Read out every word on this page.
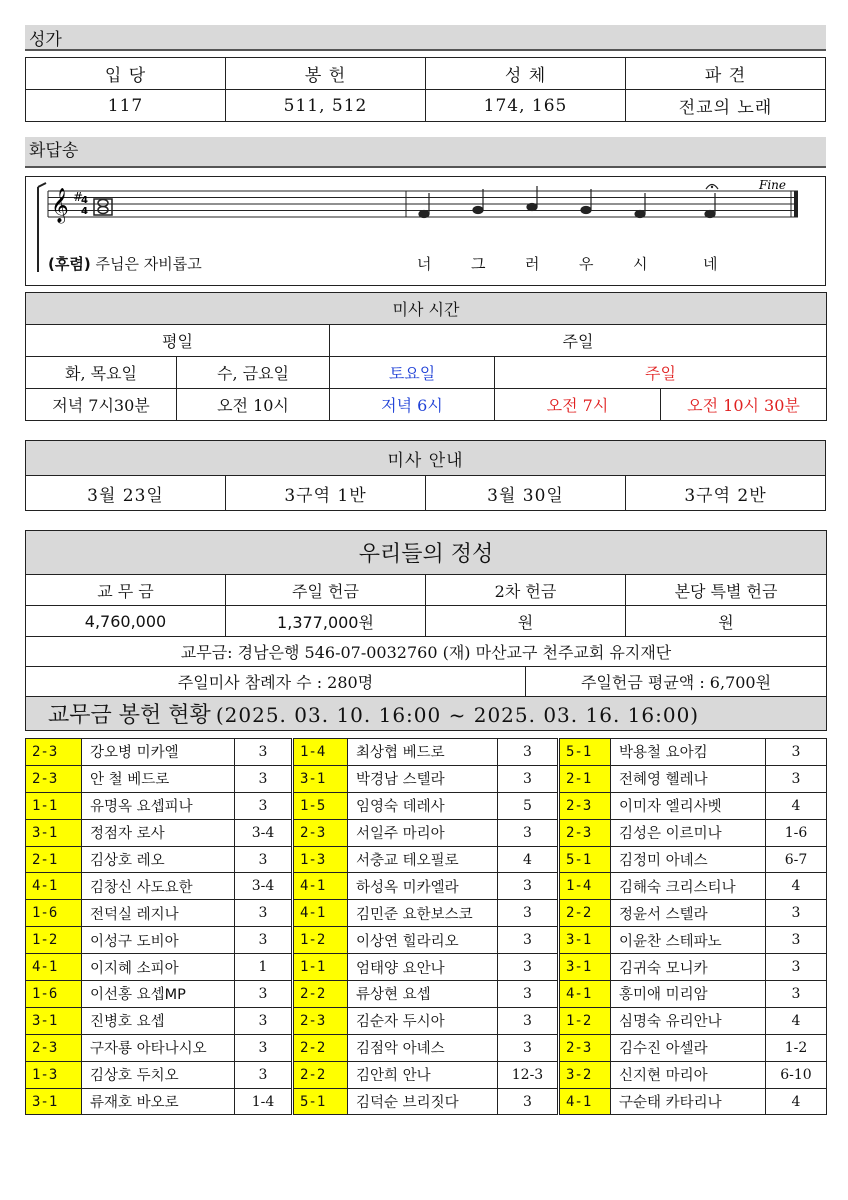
성가
입 당	봉 헌	성 체	파 견
117	511, 512	174, 165	전교의 노래
화답송
𝄞 #
4
4
Fine
(후렴) 주님은 자비롭고	너	그	러	우	시	네
미사 시간				
평일		주일		
화, 목요일	수, 금요일	토요일	주일	
저녁 7시30분	오전 10시	저녁 6시	오전 7시	오전 10시 30분
미사 안내
3월 23일	3구역 1반	3월 30일	3구역 2반
우리들의 정성				
교 무 금	주일 헌금	2차 헌금		본당 특별 헌금
4,760,000	1,377,000원	원		원
교무금: 경남은행 546-07-0032760 (재) 마산교구 천주교회 유지재단				
주일미사 참례자 수 : 280명			주일헌금 평균액 : 6,700원	
교무금 봉헌 현황 (2025. 03. 10. 16:00 ~ 2025. 03. 16. 16:00)				
2-3	강오병 미카엘	3	1-4	최상협 베드로	3	5-1	박용철 요아킴	3
2-3	안 철 베드로	3	3-1	박경남 스텔라	3	2-1	전혜영 헬레나	3
1-1	유명옥 요셉피나	3	1-5	임영숙 데레사	5	2-3	이미자 엘리사벳	4
3-1	정점자 로사	3-4	2-3	서일주 마리아	3	2-3	김성은 이르미나	1-6
2-1	김상호 레오	3	1-3	서충교 테오필로	4	5-1	김정미 아녜스	6-7
4-1	김창신 사도요한	3-4	4-1	하성옥 미카엘라	3	1-4	김해숙 크리스티나	4
1-6	전덕실 레지나	3	4-1	김민준 요한보스코	3	2-2	정윤서 스텔라	3
1-2	이성구 도비아	3	1-2	이상연 힐라리오	3	3-1	이윤찬 스테파노	3
4-1	이지혜 소피아	1	1-1	엄태양 요안나	3	3-1	김귀숙 모니카	3
1-6	이선홍 요셉MP	3	2-2	류상현 요셉	3	4-1	홍미애 미리암	3
3-1	진병호 요셉	3	2-3	김순자 두시아	3	1-2	심명숙 유리안나	4
2-3	구자룡 아타나시오	3	2-2	김점악 아녜스	3	2-3	김수진 아셀라	1-2
1-3	김상호 두치오	3	2-2	김안희 안나	12-3	3-2	신지현 마리아	6-10
3-1	류재호 바오로	1-4	5-1	김덕순 브리짓다	3	4-1	구순태 카타리나	4
